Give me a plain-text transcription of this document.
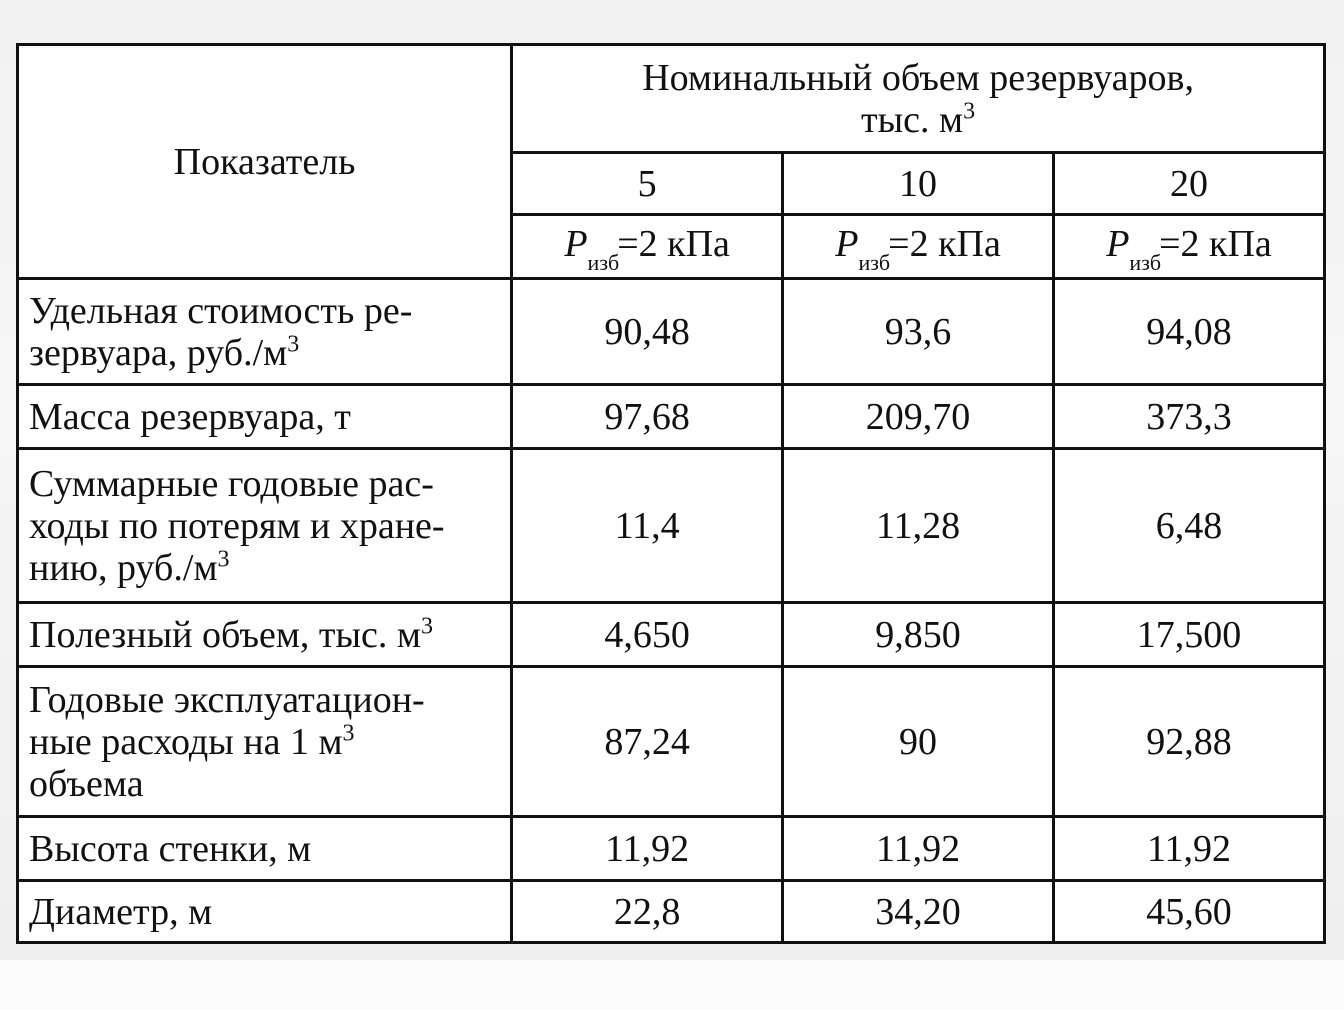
Показатель	Номинальный объем резервуаров,
тыс. $м^3$
	5	10	20
	$P_{изб}=2$ кПа	$P_{изб}=2$ кПа	$P_{изб}=2$ кПа
Удельная стоимость ре-
зервуара, $руб./м^3$	90,48	93,6	94,08
Масса резервуара, т	97,68	209,70	373,3
Суммарные годовые рас-
ходы по потерям и хране-
нию, $руб./м^3$	11,4	11,28	6,48
Полезный объем, тыс. $м^3$	4,650	9,850	17,500
Годовые эксплуатацион-
ные расходы на 1 $м^3$
объема	87,24	90	92,88
Высота стенки, м	11,92	11,92	11,92
Диаметр, м	22,8	34,20	45,60
